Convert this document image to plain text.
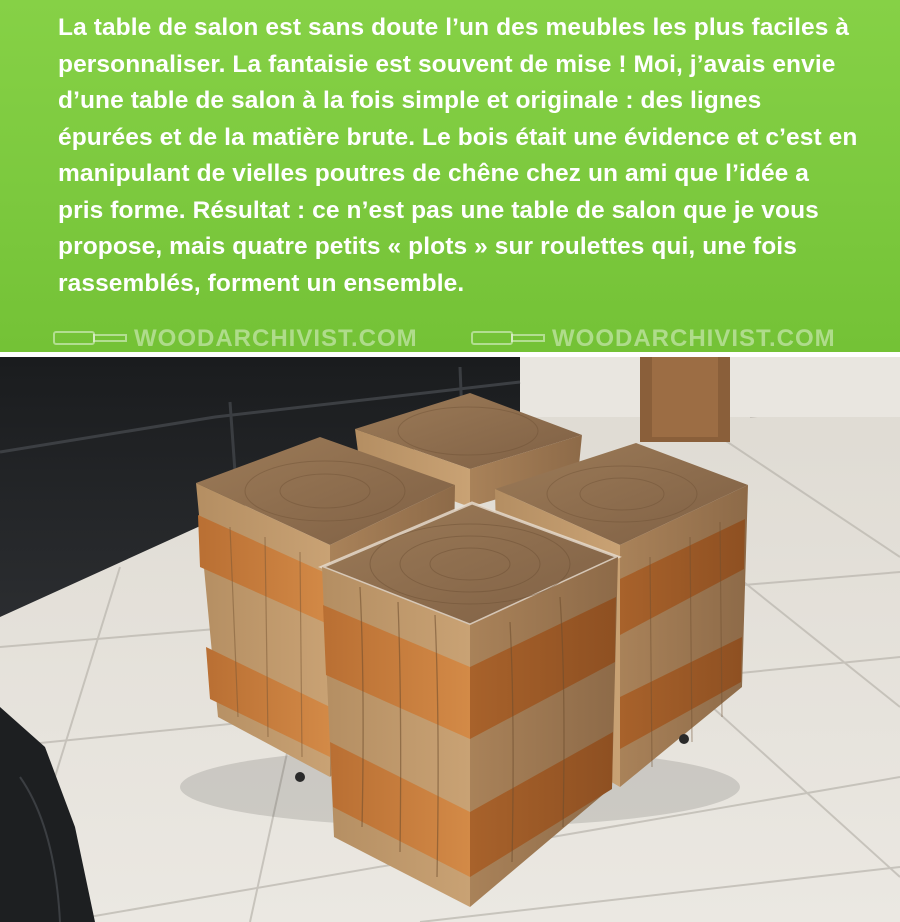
La table de salon est sans doute l’un des meubles les plus faciles à personnaliser. La fantaisie est souvent de mise ! Moi, j’avais envie d’une table de salon à la fois simple et originale : des lignes épurées et de la matière brute. Le bois était une évidence et c’est en manipulant de vielles poutres de chêne chez un ami que l’idée a pris forme. Résultat : ce n’est pas une table de salon que je vous propose, mais quatre petits « plots » sur roulettes qui, une fois rassemblés, forment un ensemble.

WOODARCHIVIST.COM	WOODARCHIVIST.COM
